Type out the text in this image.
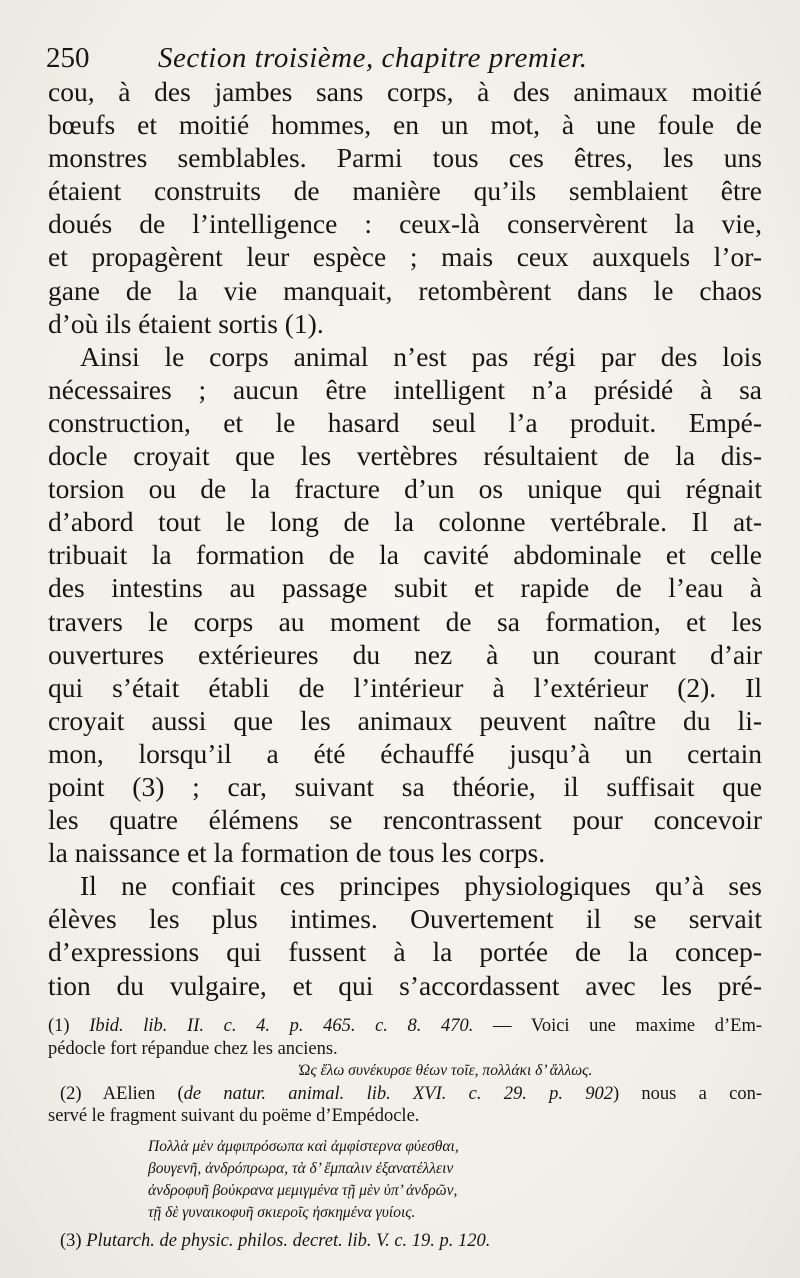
250 Section troisième, chapitre premier.
cou, à des jambes sans corps, à des animaux moitié
bœufs et moitié hommes, en un mot, à une foule de
monstres semblables. Parmi tous ces êtres, les uns
étaient construits de manière qu’ils semblaient être
doués de l’intelligence : ceux-là conservèrent la vie,
et propagèrent leur espèce ; mais ceux auxquels l’or-
gane de la vie manquait, retombèrent dans le chaos
d’où ils étaient sortis (1).
Ainsi le corps animal n’est pas régi par des lois
nécessaires ; aucun être intelligent n’a présidé à sa
construction, et le hasard seul l’a produit. Empé-
docle croyait que les vertèbres résultaient de la dis-
torsion ou de la fracture d’un os unique qui régnait
d’abord tout le long de la colonne vertébrale. Il at-
tribuait la formation de la cavité abdominale et celle
des intestins au passage subit et rapide de l’eau à
travers le corps au moment de sa formation, et les
ouvertures extérieures du nez à un courant d’air
qui s’était établi de l’intérieur à l’extérieur (2). Il
croyait aussi que les animaux peuvent naître du li-
mon, lorsqu’il a été échauffé jusqu’à un certain
point (3) ; car, suivant sa théorie, il suffisait que
les quatre élémens se rencontrassent pour concevoir
la naissance et la formation de tous les corps.
Il ne confiait ces principes physiologiques qu’à ses
élèves les plus intimes. Ouvertement il se servait
d’expressions qui fussent à la portée de la concep-
tion du vulgaire, et qui s’accordassent avec les pré-
(1) Ibid. lib. II. c. 4. p. 465. c. 8. 470. — Voici une maxime d’Em-
pédocle fort répandue chez les anciens.
Ὡς ἔλω συνέκυρσε θέων τοῖε, πολλάκι δ’ ἄλλως.
(2) AElien (de natur. animal. lib. XVI. c. 29. p. 902) nous a con-
servé le fragment suivant du poëme d’Empédocle.
Πολλὰ μὲν ἀμφιπρόσωπα καὶ ἀμφίστερνα φύεσθαι,
βουγενῆ, ἀνδρόπρωρα, τὰ δ’ ἔμπαλιν ἐξανατέλλειν
ἀνδροφυῆ βούκρανα μεμιγμένα τῇ μὲν ὑπ’ ἀνδρῶν,
τῇ δὲ γυναικοφυῆ σκιεροῖς ἠσκημένα γυίοις.
(3) Plutarch. de physic. philos. decret. lib. V. c. 19. p. 120.
